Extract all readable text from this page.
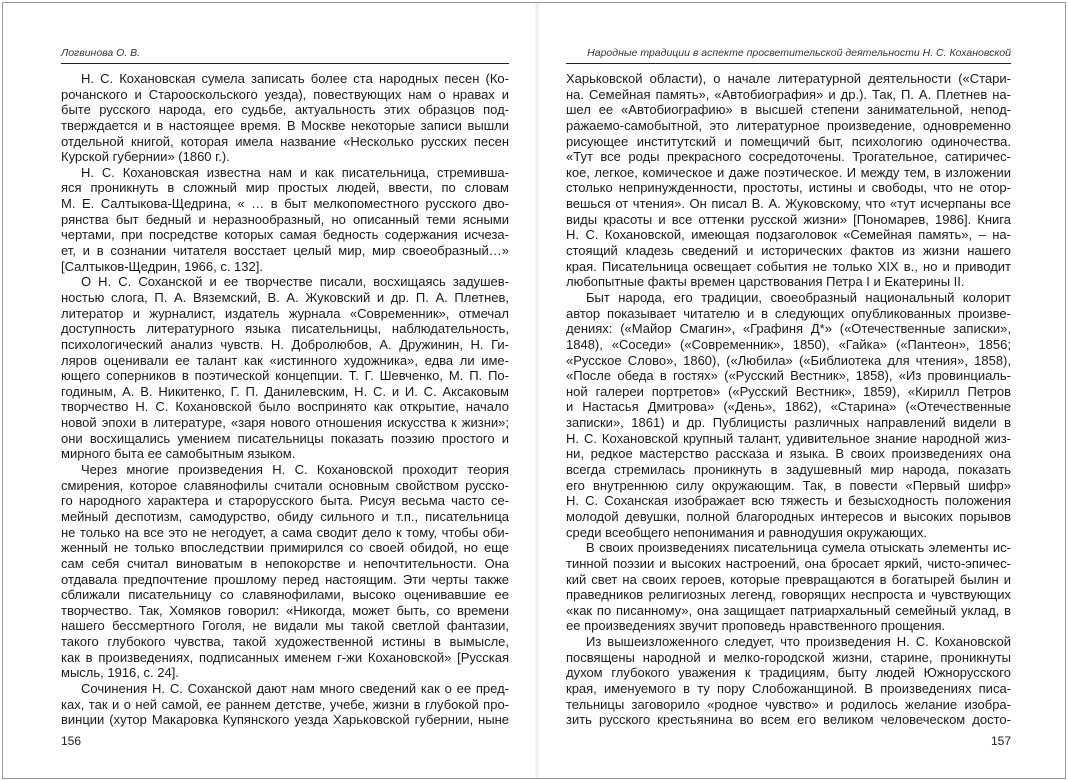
Логвинова О. В.
Н. С. Кохановская сумела записать более ста народных песен (Ко-
рочанского и Старооскольского уезда), повествующих нам о нравах и
быте русского народа, его судьбе, актуальность этих образцов под-
тверждается и в настоящее время. В Москве некоторые записи вышли
отдельной книгой, которая имела название «Несколько русских песен
Курской губернии» (1860 г.).
Н. С. Кохановская известна нам и как писательница, стремивша-
яся проникнуть в сложный мир простых людей, ввести, по словам
М. Е. Салтыкова-Щедрина, « … в быт мелкопоместного русского дво-
рянства быт бедный и неразнообразный, но описанный теми ясными
чертами, при посредстве которых самая бедность содержания исчеза-
ет, и в сознании читателя восстает целый мир, мир своеобразный…»
[Салтыков-Щедрин, 1966, с. 132].
О Н. С. Соханской и ее творчестве писали, восхищаясь задушев-
ностью слога, П. А. Вяземский, В. А. Жуковский и др. П. А. Плетнев,
литератор и журналист, издатель журнала «Современник», отмечал
доступность литературного языка писательницы, наблюдательность,
психологический анализ чувств. Н. Добролюбов, А. Дружинин, Н. Ги-
ляров оценивали ее талант как «истинного художника», едва ли име-
ющего соперников в поэтической концепции. Т. Г. Шевченко, М. П. По-
годиным, А. В. Никитенко, Г. П. Данилевским, Н. С. и И. С. Аксаковым
творчество Н. С. Кохановской было воспринято как открытие, начало
новой эпохи в литературе, «заря нового отношения искусства к жизни»;
они восхищались умением писательницы показать поэзию простого и
мирного быта ее самобытным языком.
Через многие произведения Н. С. Кохановской проходит теория
смирения, которое славянофилы считали основным свойством русско-
го народного характера и старорусского быта. Рисуя весьма часто се-
мейный деспотизм, самодурство, обиду сильного и т.п., писательница
не только на все это не негодует, а сама сводит дело к тому, чтобы оби-
женный не только впоследствии примирился со своей обидой, но еще
сам себя считал виноватым в непокорстве и непочтительности. Она
отдавала предпочтение прошлому перед настоящим. Эти черты также
сближали писательницу со славянофилами, высоко оценивавшие ее
творчество. Так, Хомяков говорил: «Никогда, может быть, со времени
нашего бессмертного Гоголя, не видали мы такой светлой фантазии,
такого глубокого чувства, такой художественной истины в вымысле,
как в произведениях, подписанных именем г-жи Кохановской» [Русская
мысль, 1916, с. 24].
Сочинения Н. С. Соханской дают нам много сведений как о ее пред-
ках, так и о ней самой, ее раннем детстве, учебе, жизни в глубокой про-
винции (хутор Макаровка Купянского уезда Харьковской губернии, ныне
156
Народные традиции в аспекте просветительской деятельности Н. С. Кохановской
Харьковской области), о начале литературной деятельности («Стари-
на. Семейная память», «Автобиография» и др.). Так, П. А. Плетнев на-
шел ее «Автобиографию» в высшей степени занимательной, непод-
ражаемо-самобытной, это литературное произведение, одновременно
рисующее институтский и помещичий быт, психологию одиночества.
«Тут все роды прекрасного сосредоточены. Трогательное, сатиричес-
кое, легкое, комическое и даже поэтическое. И между тем, в изложении
столько непринужденности, простоты, истины и свободы, что не отор-
вешься от чтения». Он писал В. А. Жуковскому, что «тут исчерпаны все
виды красоты и все оттенки русской жизни» [Пономарев, 1986]. Книга
Н. С. Кохановской, имеющая подзаголовок «Семейная память», – на-
стоящий кладезь сведений и исторических фактов из жизни нашего
края. Писательница освещает события не только XIX в., но и приводит
любопытные факты времен царствования Петра I и Екатерины II.
Быт народа, его традиции, своеобразный национальный колорит
автор показывает читателю и в следующих опубликованных произве-
дениях: («Майор Смагин», «Графиня Д*» («Отечественные записки»,
1848), «Соседи» («Современник», 1850), «Гайка» («Пантеон», 1856;
«Русское Слово», 1860), («Любила» («Библиотека для чтения», 1858),
«После обеда в гостях» («Русский Вестник», 1858), «Из провинциаль-
ной галереи портретов» («Русский Вестник», 1859), «Кирилл Петров
и Настасья Дмитрова» («День», 1862), «Старина» («Отечественные
записки», 1861) и др. Публицисты различных направлений видели в
Н. С. Кохановской крупный талант, удивительное знание народной жиз-
ни, редкое мастерство рассказа и языка. В своих произведениях она
всегда стремилась проникнуть в задушевный мир народа, показать
его внутреннюю силу окружающим. Так, в повести «Первый шифр»
Н. С. Соханская изображает всю тяжесть и безысходность положения
молодой девушки, полной благородных интересов и высоких порывов
среди всеобщего непонимания и равнодушия окружающих.
В своих произведениях писательница сумела отыскать элементы ис-
тинной поэзии и высоких настроений, она бросает яркий, чисто-эпичес-
кий свет на своих героев, которые превращаются в богатырей былин и
праведников религиозных легенд, говорящих неспроста и чувствующих
«как по писанному», она защищает патриархальный семейный уклад, в
ее произведениях звучит проповедь нравственного прощения.
Из вышеизложенного следует, что произведения Н. С. Кохановской
посвящены народной и мелко-городской жизни, старине, проникнуты
духом глубокого уважения к традициям, быту людей Южнорусского
края, именуемого в ту пору Слобожанщиной. В произведениях писа-
тельницы заговорило «родное чувство» и родилось желание изобра-
зить русского крестьянина во всем его великом человеческом досто-
157
